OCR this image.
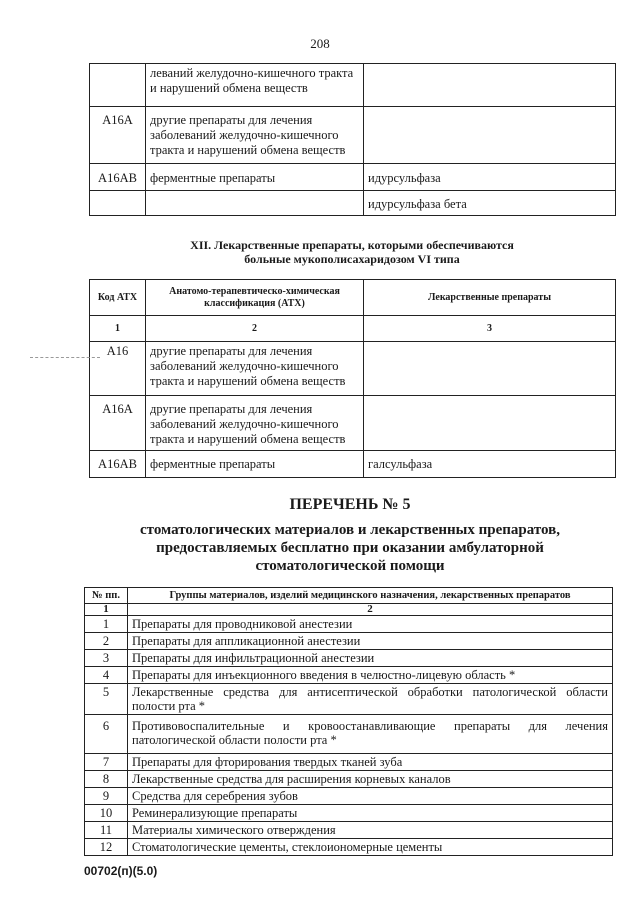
208
	леваний желудочно-кишечного тракта и нарушений обмена веществ	
A16A	другие препараты для лечения заболеваний желудочно-кишечного тракта и нарушений обмена веществ	
A16AB	ферментные препараты	идурсульфаза
		идурсульфаза бета
XII. Лекарственные препараты, которыми обеспечиваются
больные мукополисахаридозом VI типа
Код АТХ	Анатомо-терапевтическо-химическая классификация (АТХ)	Лекарственные препараты
1	2	3
A16	другие препараты для лечения заболеваний желудочно-кишечного тракта и нарушений обмена веществ	
A16A	другие препараты для лечения заболеваний желудочно-кишечного тракта и нарушений обмена веществ	
A16AB	ферментные препараты	галсульфаза
ПЕРЕЧЕНЬ № 5
стоматологических материалов и лекарственных препаратов,
предоставляемых бесплатно при оказании амбулаторной
стоматологической помощи
№ пп.	Группы материалов, изделий медицинского назначения, лекарственных препаратов
1	2
1	Препараты для проводниковой анестезии
2	Препараты для аппликационной анестезии
3	Препараты для инфильтрационной анестезии
4	Препараты для инъекционного введения в челюстно-лицевую область *
5	Лекарственные средства для антисептической обработки патологической области полости рта *
6	Противовоспалительные и кровоостанавливающие препараты для лечения патологической области полости рта *
7	Препараты для фторирования твердых тканей зуба
8	Лекарственные средства для расширения корневых каналов
9	Средства для серебрения зубов
10	Реминерализующие препараты
11	Материалы химического отверждения
12	Стоматологические цементы, стеклоиономерные цементы
00702(п)(5.0)
